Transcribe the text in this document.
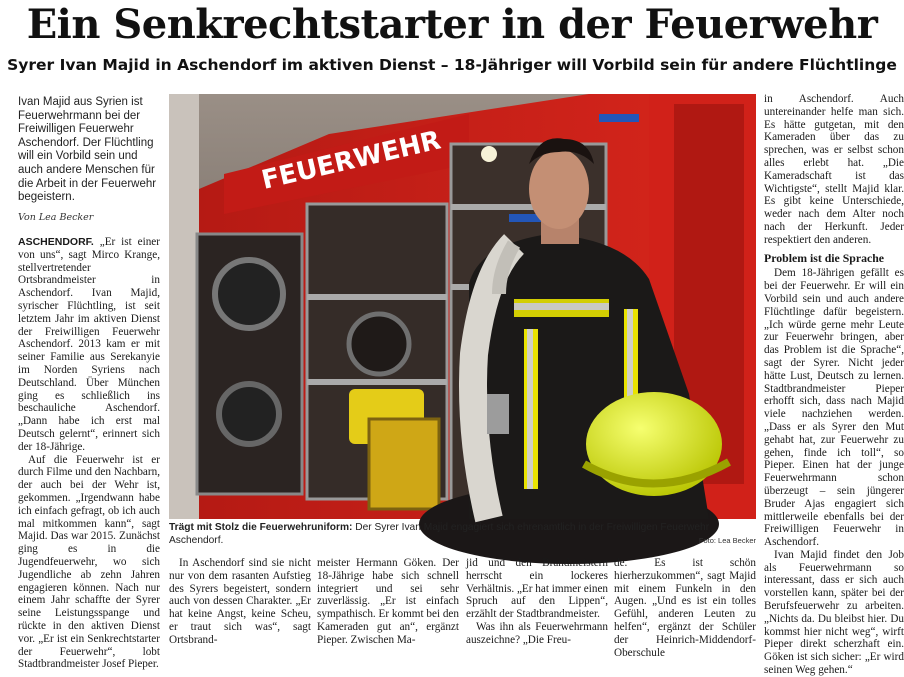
Ein Senkrechtstarter in der Feuerwehr
Syrer Ivan Majid in Aschendorf im aktiven Dienst – 18-Jähriger will Vorbild sein für andere Flüchtlinge

Ivan Majid aus Syrien ist Feuerwehrmann bei der Freiwilligen Feuerwehr Aschendorf. Der Flüchtling will ein Vorbild sein und auch andere Menschen für die Arbeit in der Feuerwehr begeistern.

Von Lea Becker

ASCHENDORF. „Er ist einer von uns“, sagt Mirco Krange, stellvertretender Ortsbrandmeister in Aschendorf. Ivan Majid, syrischer Flüchtling, ist seit letztem Jahr im aktiven Dienst der Freiwilligen Feuerwehr Aschendorf. 2013 kam er mit seiner Familie aus Serekanyie im Norden Syriens nach Deutschland. Über München ging es schließlich ins beschauliche Aschendorf. „Dann habe ich erst mal Deutsch gelernt“, erinnert sich der 18-Jährige.

Auf die Feuerwehr ist er durch Filme und den Nachbarn, der auch bei der Wehr ist, gekommen. „Irgendwann habe ich einfach gefragt, ob ich auch mal mitkommen kann“, sagt Majid. Das war 2015. Zunächst ging es in die Jugendfeuerwehr, wo sich Jugendliche ab zehn Jahren engagieren können. Nach nur einem Jahr schaffte der Syrer seine Leistungsspange und rückte in den aktiven Dienst vor. „Er ist ein Senkrechtstarter der Feuerwehr“, lobt Stadtbrandmeister Josef Pieper.

FEUERWEHR

Trägt mit Stolz die Feuerwehruniform: Der Syrer Ivan Majid engagiert sich ehrenamtlich in der Freiwilligen Feuerwehr Aschendorf.	Foto: Lea Becker

In Aschendorf sind sie nicht nur von dem rasanten Aufstieg des Syrers begeistert, sondern auch von dessen Charakter. „Er hat keine Angst, keine Scheu, er traut sich was“, sagt Ortsbrand-

meister Hermann Göken. Der 18-Jährige habe sich schnell integriert und sei sehr zuverlässig. „Er ist einfach sympathisch. Er kommt bei den Kameraden gut an“, ergänzt Pieper. Zwischen Ma-

jid und den Brandmeistern herrscht ein lockeres Verhältnis. „Er hat immer einen Spruch auf den Lippen“, erzählt der Stadtbrandmeister.

Was ihn als Feuerwehrmann auszeichne? „Die Freu-

de. Es ist schön hierherzukommen“, sagt Majid mit einem Funkeln in den Augen. „Und es ist ein tolles Gefühl, anderen Leuten zu helfen“, ergänzt der Schüler der Heinrich-Middendorf-Oberschule

in Aschendorf. Auch untereinander helfe man sich. Es hätte gutgetan, mit den Kameraden über das zu sprechen, was er selbst schon alles erlebt hat. „Die Kameradschaft ist das Wichtigste“, stellt Majid klar. Es gibt keine Unterschiede, weder nach dem Alter noch nach der Herkunft. Jeder respektiert den anderen.

Problem ist die Sprache

Dem 18-Jährigen gefällt es bei der Feuerwehr. Er will ein Vorbild sein und auch andere Flüchtlinge dafür begeistern. „Ich würde gerne mehr Leute zur Feuerwehr bringen, aber das Problem ist die Sprache“, sagt der Syrer. Nicht jeder hätte Lust, Deutsch zu lernen. Stadtbrandmeister Pieper erhofft sich, dass nach Majid viele nachziehen werden. „Dass er als Syrer den Mut gehabt hat, zur Feuerwehr zu gehen, finde ich toll“, so Pieper. Einen hat der junge Feuerwehrmann schon überzeugt – sein jüngerer Bruder Ajas engagiert sich mittlerweile ebenfalls bei der Freiwilligen Feuerwehr in Aschendorf.

Ivan Majid findet den Job als Feuerwehrmann so interessant, dass er sich auch vorstellen kann, später bei der Berufsfeuerwehr zu arbeiten. „Nichts da. Du bleibst hier. Du kommst hier nicht weg“, wirft Pieper direkt scherzhaft ein. Göken ist sich sicher: „Er wird seinen Weg gehen.“
